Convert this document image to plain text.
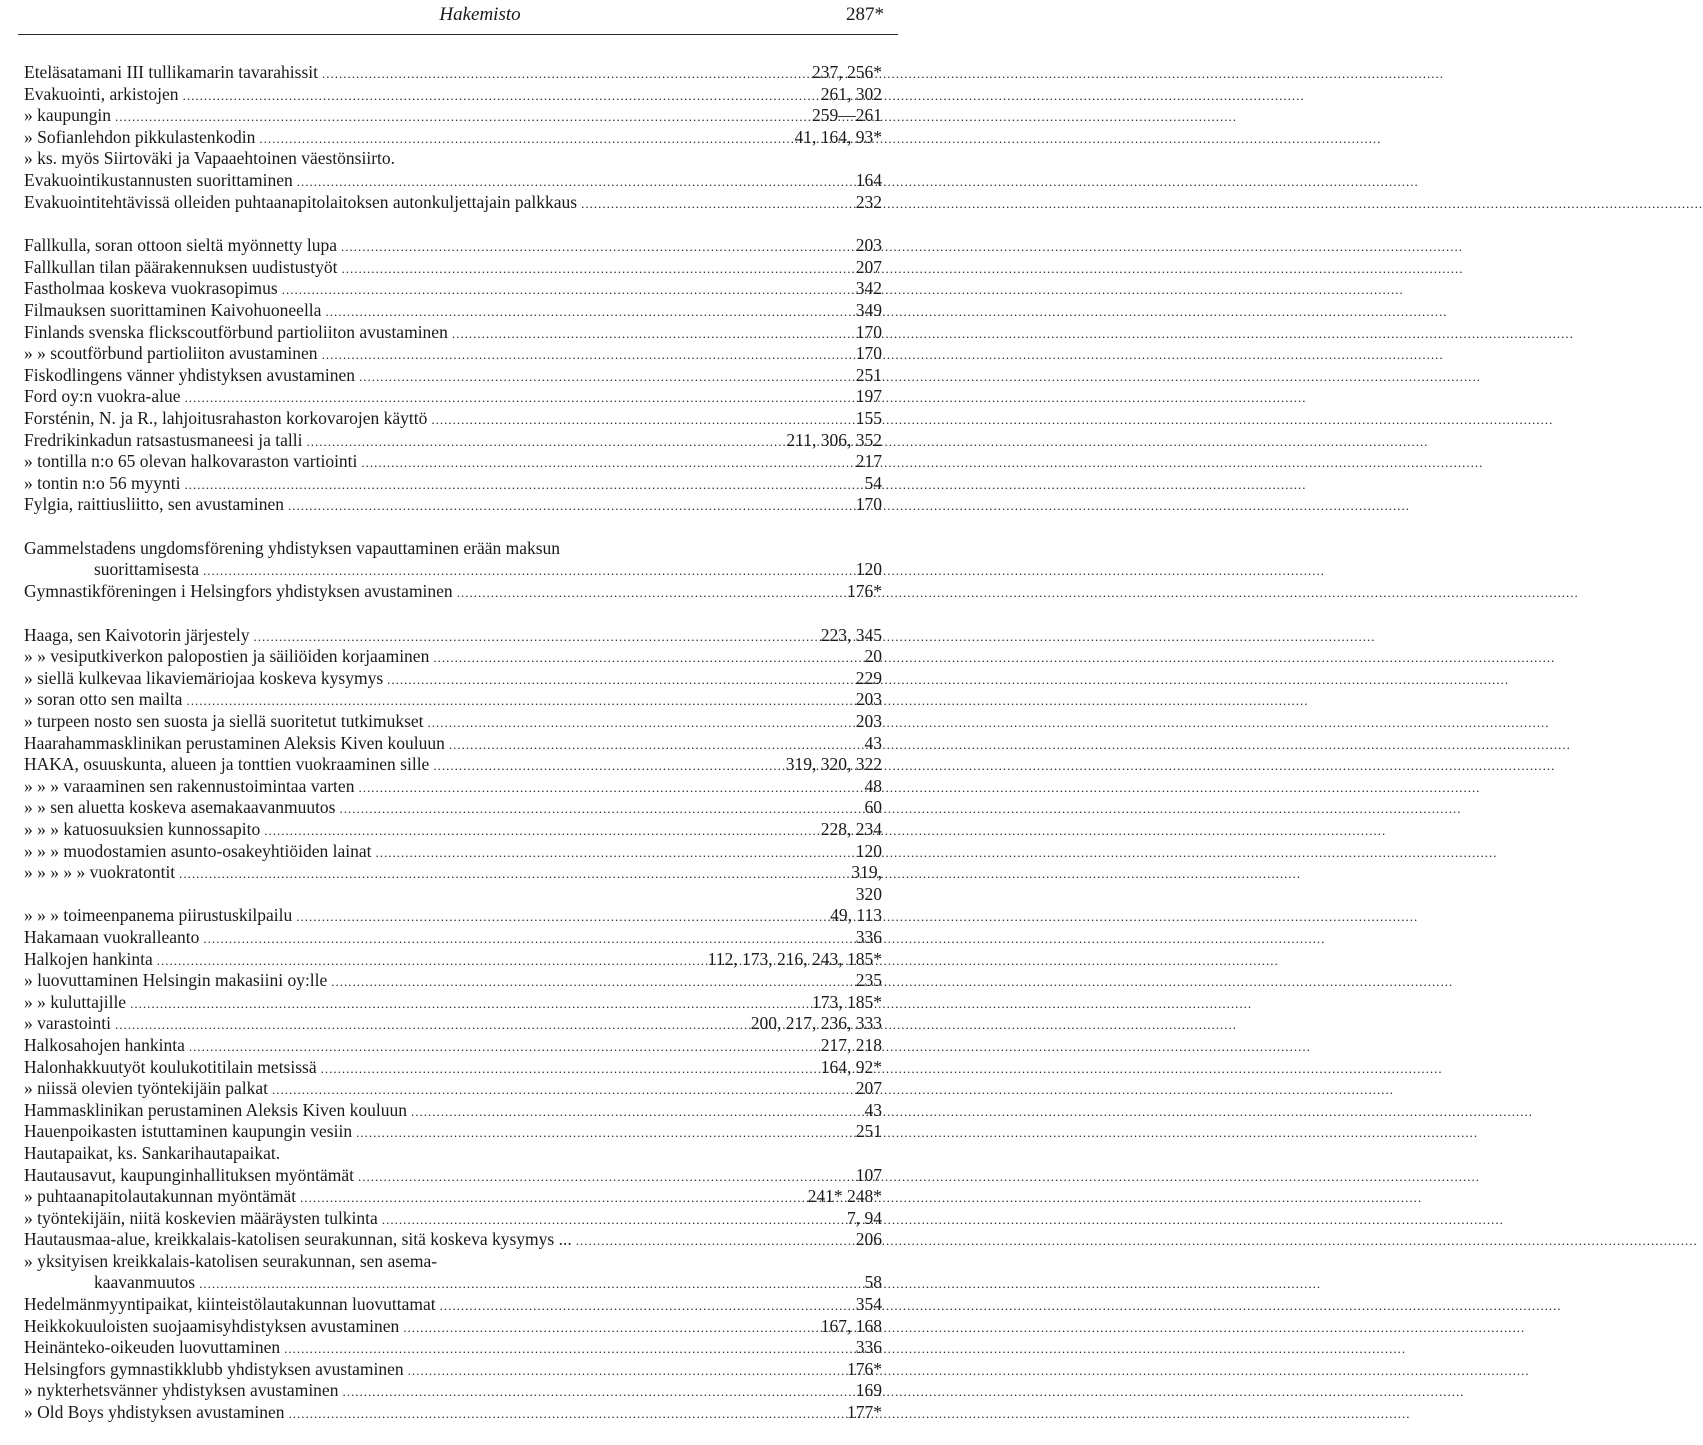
Hakemisto	287*
Eteläsatamanі III tullikamarin tavarahissit .....	237, 256*
Evakuointi, arkistojen .....	261, 302
» kaupungin .....	259—261
» Sofianlehdon pikkulastenkodin .....	41, 164, 93*
» ks. myös Siirtoväki ja Vapaaehtoinen väestönsiirto.
Evakuointikustannusten suorittaminen .....	164
Evakuointitehtävissä olleiden puhtaanapitolaitoksen autonkuljettajain palkkaus .....	232
Fallkulla, soran ottoon sieltä myönnetty lupa .....	203
Fallkullan tilan päärakennuksen uudistustyöt .....	207
Fastholmaa koskeva vuokrasopimus .....	342
Filmauksen suorittaminen Kaivohuoneella .....	349
Finlands svenska flickscoutförbund partioliiton avustaminen .....	170
» » scoutförbund partioliiton avustaminen .....	170
Fiskodlingens vänner yhdistyksen avustaminen .....	251
Ford oy:n vuokra-alue .....	197
Forsténin, N. ja R., lahjoitusrahaston korkovarojen käyttö .....	155
Fredrikinkadun ratsastusmaneesi ja talli .....	211, 306, 352
» tontilla n:o 65 olevan halkovaraston vartiointi .....	217
» tontin n:o 56 myynti .....	54
Fylgia, raittiusliitto, sen avustaminen .....	170
Gammelstadens ungdomsförening yhdistyksen vapauttaminen erään maksun
suorittamisesta .....	120
Gymnastikföreningen i Helsingfors yhdistyksen avustaminen .....	176*
Haaga, sen Kaivotorin järjestely .....	223, 345
» » vesiputkiverkon palopostien ja säiliöiden korjaaminen .....	20
» siellä kulkevaa likaviemäriojaa koskeva kysymys .....	229
» soran otto sen mailta .....	203
» turpeen nosto sen suosta ja siellä suoritetut tutkimukset .....	203
Haarahammasklinikan perustaminen Aleksis Kiven kouluun .....	43
HAKA, osuuskunta, alueen ja tonttien vuokraaminen sille .....	319, 320, 322
» » » varaaminen sen rakennustoimintaa varten .....	48
» » sen aluetta koskeva asemakaavanmuutos .....	60
» » » katuosuuksien kunnossapito .....	228, 234
» » » muodostamien asunto-osakeyhtiöiden lainat .....	120
» » » » » vuokratontit .....	319,
320
» » » toimeenpanema piirustuskilpailu .....	49, 113
Hakamaan vuokralleanto .....	336
Halkojen hankinta .....	112, 173, 216, 243, 185*
» luovuttaminen Helsingin makasiini oy:lle .....	235
» » kuluttajille .....	173, 185*
» varastointi .....	200, 217, 236, 333
Halkosahojen hankinta .....	217, 218
Halonhakkuutyöt koulukotitilain metsissä .....	164, 92*
» niissä olevien työntekijäin palkat .....	207
Hammasklinikan perustaminen Aleksis Kiven kouluun .....	43
Hauenpoikasten istuttaminen kaupungin vesiin .....	251
Hautapaikat, ks. Sankarihautapaikat.
Hautausavut, kaupunginhallituksen myöntämät .....	107
» puhtaanapitolautakunnan myöntämät .....	241* 248*
» työntekijäin, niitä koskevien määräysten tulkinta .....	7, 94
Hautausmaa-alue, kreikkalais-katolisen seurakunnan, sitä koskeva kysymys ... .....	206
» yksityisen kreikkalais-katolisen seurakunnan, sen asema-
kaavanmuutos .....	58
Hedelmänmyyntipaikat, kiinteistölautakunnan luovuttamat .....	354
Heikkokuuloisten suojaamisyhdistyksen avustaminen .....	167, 168
Heinänteko-oikeuden luovuttaminen .....	336
Helsingfors gymnastikklubb yhdistyksen avustaminen .....	176*
» nykterhetsvänner yhdistyksen avustaminen .....	169
» Old Boys yhdistyksen avustaminen .....	177*
